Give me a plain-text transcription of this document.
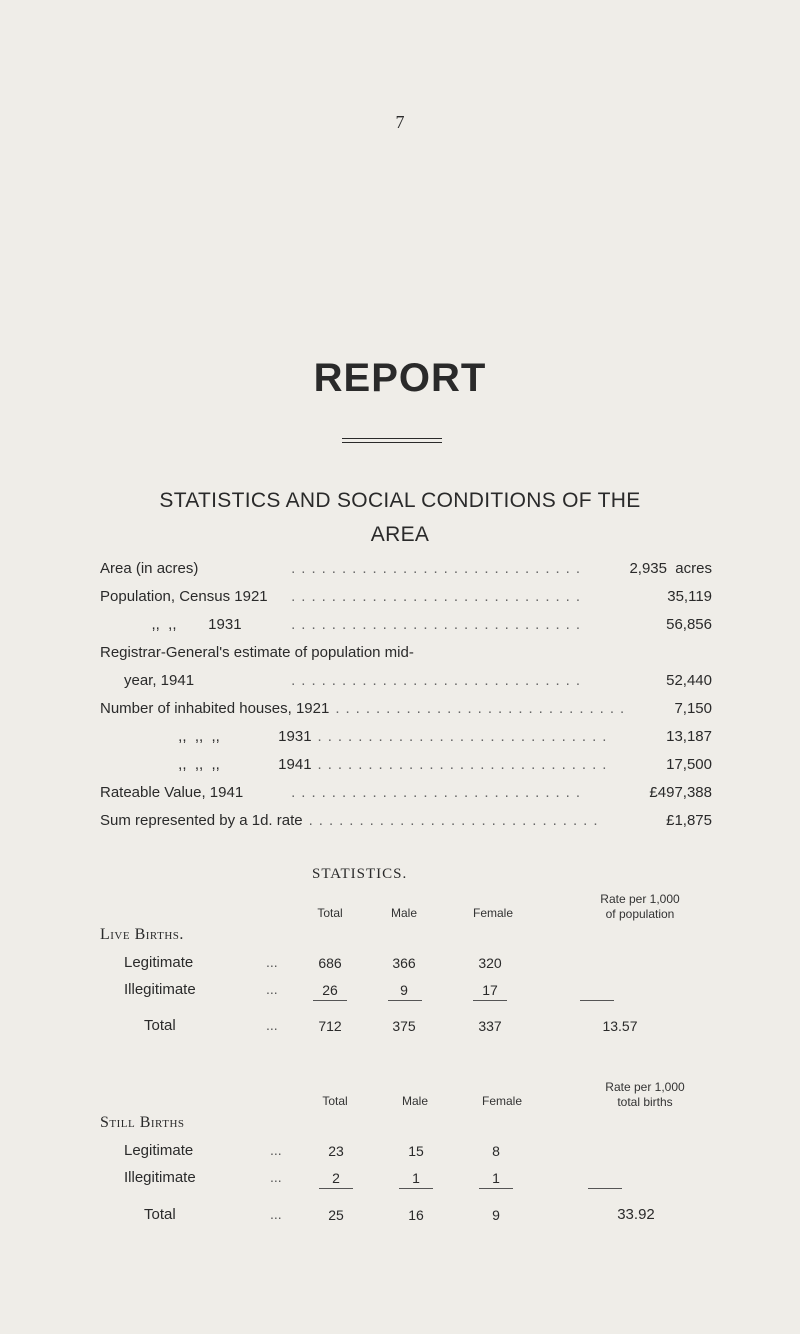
7
REPORT
STATISTICS AND SOCIAL CONDITIONS OF THE
AREA
Area (in acres)	.............................	2,935  acres
Population, Census 1921	.............................	35,119
,,  ,, 1931	.............................	56,856
Registrar-General's estimate of population mid-
year, 1941	.............................	52,440
Number of inhabited houses, 1921 .............................	7,150
,,  ,,  ,,	1931 .............................	13,187
,,  ,,  ,,	1941 .............................	17,500
Rateable Value, 1941	.............................	£497,388
Sum represented by a 1d. rate .............................	£1,875
STATISTICS.
Total	Male	Female
Rate per 1,000
of population
Live Births.
Legitimate	...	686	366	320
Illegitimate	...	26	9	17
Total	...	712	375	337	13.57
Total	Male	Female
Rate per 1,000
total births
Still Births
Legitimate	...	23	15	8
Illegitimate	...	2	1	1
Total	...	25	16	9	33.92
